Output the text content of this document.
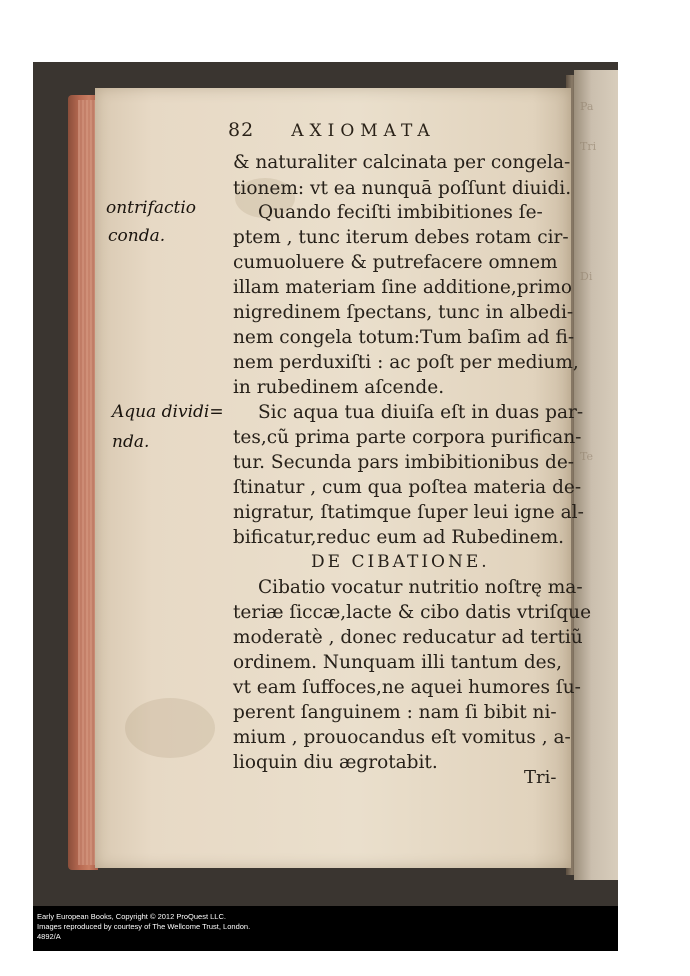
Pa
Tri
Di
Te
82 AXIOMATA
& naturaliter calcinata per congela-
tionem: vt ea nunquā poſſunt diuidi.
Quando feciſti imbibitiones ſe-
ptem , tunc iterum debes rotam cir-
cumuoluere & putrefacere omnem
illam materiam ſine additione,primo
nigredinem ſpectans, tunc in albedi-
nem congela totum:Tum baſim ad fi-
nem perduxiſti : ac poſt per medium,
in rubedinem aſcende.
Sic aqua tua diuiſa eſt in duas par-
tes,cũ prima parte corpora purifican-
tur. Secunda pars imbibitionibus de-
ſtinatur , cum qua poſtea materia de-
nigratur, ſtatimque ſuper leui igne al-
bificatur,reduc eum ad Rubedinem.
DE CIBATIONE.
Cibatio vocatur nutritio noſtrę ma-
teriæ ſiccæ,lacte & cibo datis vtriſque
moderatè , donec reducatur ad tertiũ
ordinem. Nunquam illi tantum des,
vt eam ſuffoces,ne aquei humores ſu-
perent ſanguinem : nam ſi bibit ni-
mium , prouocandus eſt vomitus , a-
lioquin diu ægrotabit.
Tri-
ontrifactio
conda.
Aqua dividi=
nda.
Early European Books, Copyright © 2012 ProQuest LLC.
Images reproduced by courtesy of The Wellcome Trust, London.
4892/A
